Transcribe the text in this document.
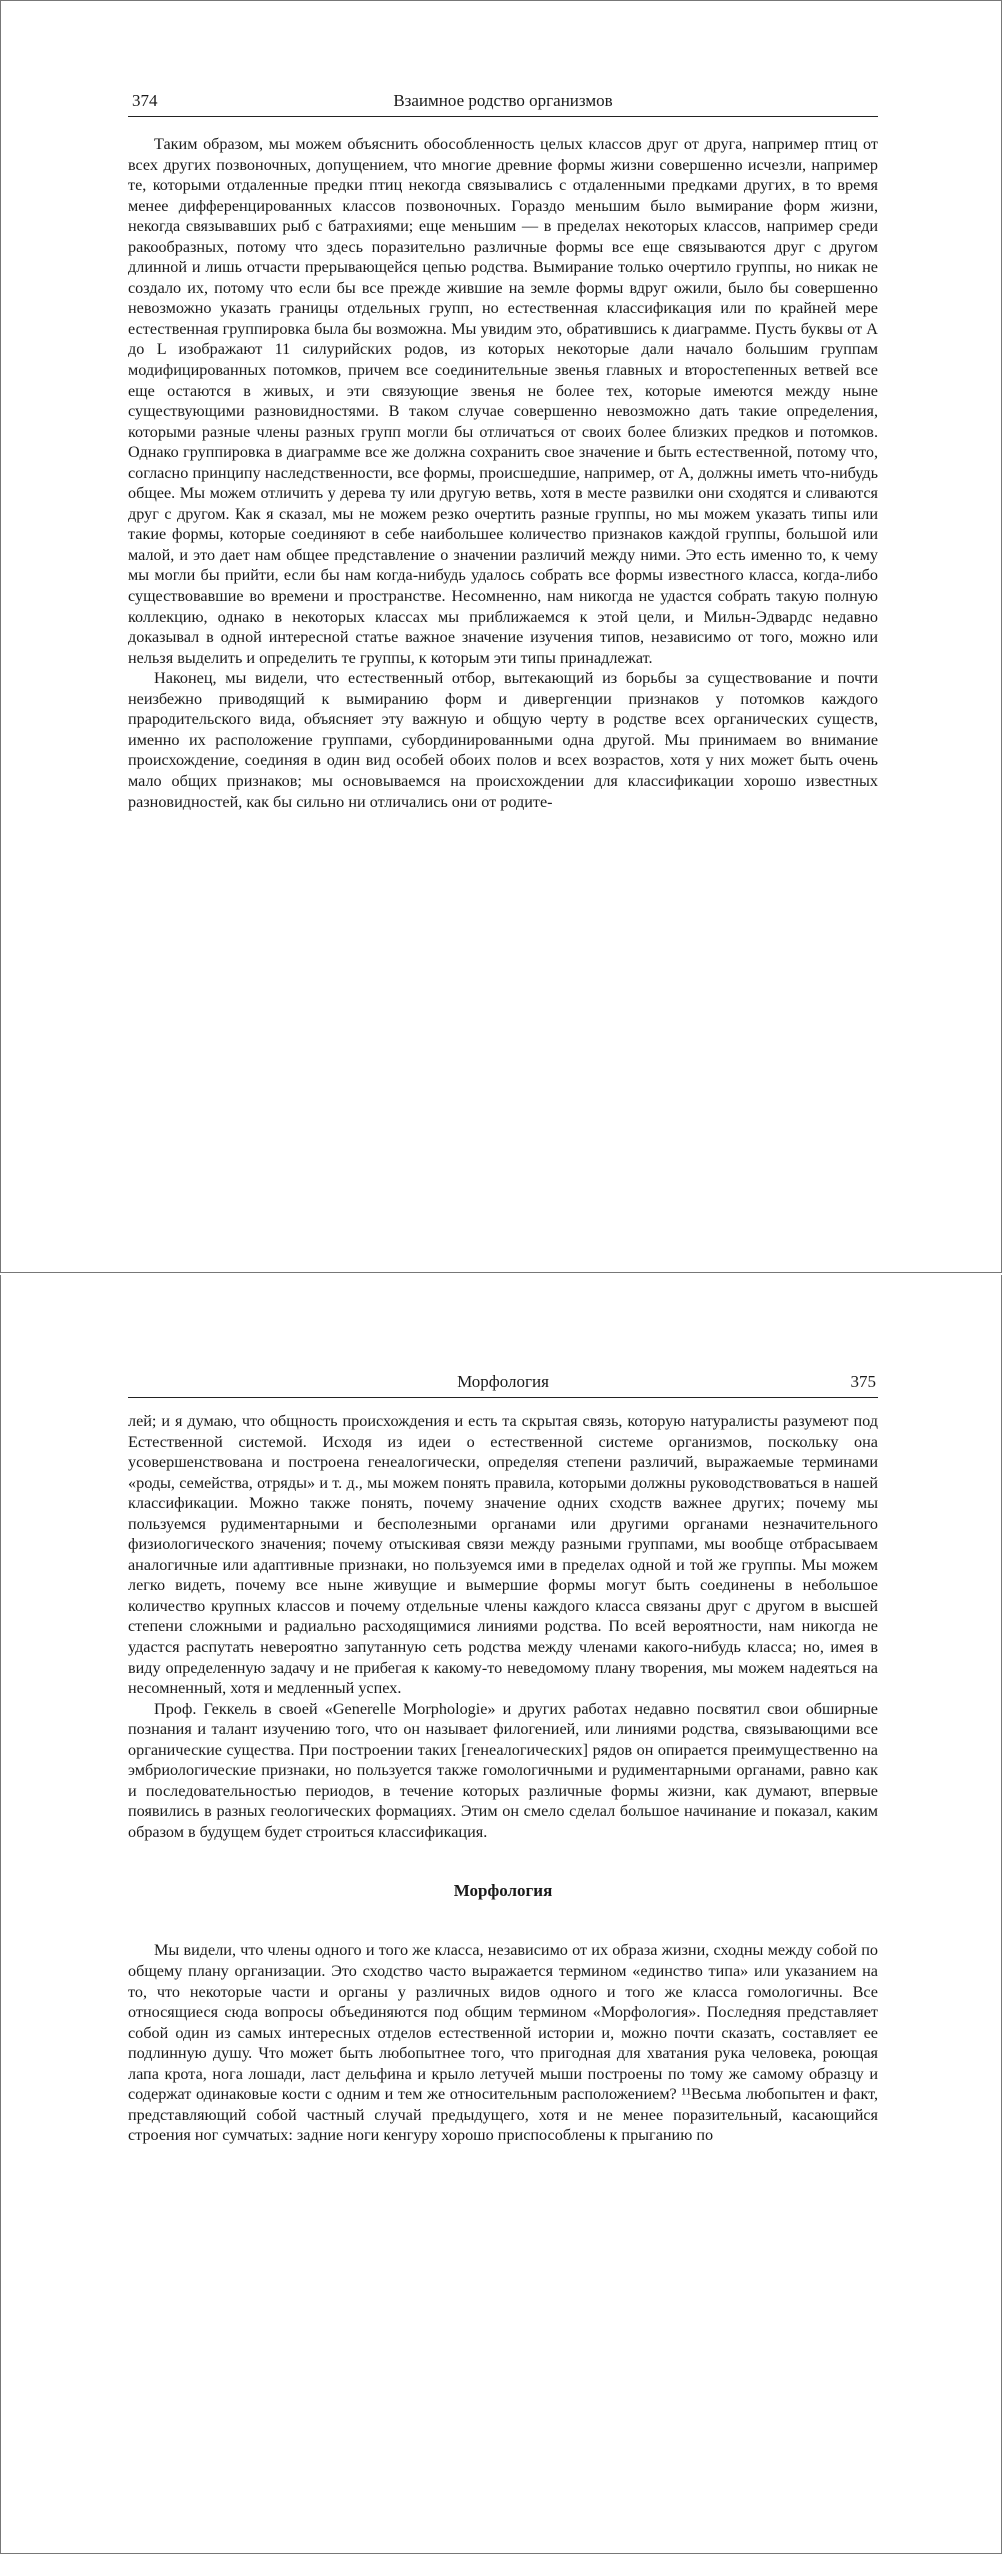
374	Взаимное родство организмов

Таким образом, мы можем объяснить обособленность целых классов друг от друга, например птиц от всех других позвоночных, допущением, что многие древние формы жизни совершенно исчезли, например те, которыми отдаленные предки птиц некогда связывались с отдаленными предками других, в то время менее дифференцированных классов позвоночных. Гораздо меньшим было вымирание форм жизни, некогда связывавших рыб с батрахиями; еще меньшим — в пределах некоторых классов, например среди ракообразных, потому что здесь поразительно различные формы все еще связываются друг с другом длинной и лишь отчасти прерывающейся цепью родства. Вымирание только очертило группы, но никак не создало их, потому что если бы все прежде жившие на земле формы вдруг ожили, было бы совершенно невозможно указать границы отдельных групп, но естественная классификация или по крайней мере естественная группировка была бы возможна. Мы увидим это, обратившись к диаграмме. Пусть буквы от А до L изображают 11 силурийских родов, из которых некоторые дали начало большим группам модифицированных потомков, причем все соединительные звенья главных и второстепенных ветвей все еще остаются в живых, и эти связующие звенья не более тех, которые имеются между ныне существующими разновидностями. В таком случае совершенно невозможно дать такие определения, которыми разные члены разных групп могли бы отличаться от своих более близких предков и потомков. Однако группировка в диаграмме все же должна сохранить свое значение и быть естественной, потому что, согласно принципу наследственности, все формы, происшедшие, например, от А, должны иметь что-нибудь общее. Мы можем отличить у дерева ту или другую ветвь, хотя в месте развилки они сходятся и сливаются друг с другом. Как я сказал, мы не можем резко очертить разные группы, но мы можем указать типы или такие формы, которые соединяют в себе наибольшее количество признаков каждой группы, большой или малой, и это дает нам общее представление о значении различий между ними. Это есть именно то, к чему мы могли бы прийти, если бы нам когда-нибудь удалось собрать все формы известного класса, когда-либо существовавшие во времени и пространстве. Несомненно, нам никогда не удастся собрать такую полную коллекцию, однако в некоторых классах мы приближаемся к этой цели, и Мильн-Эдвардс недавно доказывал в одной интересной статье важное значение изучения типов, независимо от того, можно или нельзя выделить и определить те группы, к которым эти типы принадлежат.

Наконец, мы видели, что естественный отбор, вытекающий из борьбы за существование и почти неизбежно приводящий к вымиранию форм и дивергенции признаков у потомков каждого прародительского вида, объясняет эту важную и общую черту в родстве всех органических существ, именно их расположение группами, субординированными одна другой. Мы принимаем во внимание происхождение, соединяя в один вид особей обоих полов и всех возрастов, хотя у них может быть очень мало общих признаков; мы основываемся на происхождении для классификации хорошо известных разновидностей, как бы сильно ни отличались они от родите-

Морфология	375

лей; и я думаю, что общность происхождения и есть та скрытая связь, которую натуралисты разумеют под Естественной системой. Исходя из идеи о естественной системе организмов, поскольку она усовершенствована и построена генеалогически, определяя степени различий, выражаемые терминами «роды, семейства, отряды» и т. д., мы можем понять правила, которыми должны руководствоваться в нашей классификации. Можно также понять, почему значение одних сходств важнее других; почему мы пользуемся рудиментарными и бесполезными органами или другими органами незначительного физиологического значения; почему отыскивая связи между разными группами, мы вообще отбрасываем аналогичные или адаптивные признаки, но пользуемся ими в пределах одной и той же группы. Мы можем легко видеть, почему все ныне живущие и вымершие формы могут быть соединены в небольшое количество крупных классов и почему отдельные члены каждого класса связаны друг с другом в высшей степени сложными и радиально расходящимися линиями родства. По всей вероятности, нам никогда не удастся распутать невероятно запутанную сеть родства между членами какого-нибудь класса; но, имея в виду определенную задачу и не прибегая к какому-то неведомому плану творения, мы можем надеяться на несомненный, хотя и медленный успех.

Проф. Геккель в своей «Generelle Morphologie» и других работах недавно посвятил свои обширные познания и талант изучению того, что он называет филогенией, или линиями родства, связывающими все органические существа. При построении таких [генеалогических] рядов он опирается преимущественно на эмбриологические признаки, но пользуется также гомологичными и рудиментарными органами, равно как и последовательностью периодов, в течение которых различные формы жизни, как думают, впервые появились в разных геологических формациях. Этим он смело сделал большое начинание и показал, каким образом в будущем будет строиться классификация.

Морфология

Мы видели, что члены одного и того же класса, независимо от их образа жизни, сходны между собой по общему плану организации. Это сходство часто выражается термином «единство типа» или указанием на то, что некоторые части и органы у различных видов одного и того же класса гомологичны. Все относящиеся сюда вопросы объединяются под общим термином «Морфология». Последняя представляет собой один из самых интересных отделов естественной истории и, можно почти сказать, составляет ее подлинную душу. Что может быть любопытнее того, что пригодная для хватания рука человека, роющая лапа крота, нога лошади, ласт дельфина и крыло летучей мыши построены по тому же самому образцу и содержат одинаковые кости с одним и тем же относительным расположением? ¹¹Весьма любопытен и факт, представляющий собой частный случай предыдущего, хотя и не менее поразительный, касающийся строения ног сумчатых: задние ноги кенгуру хорошо приспособлены к прыганию по
